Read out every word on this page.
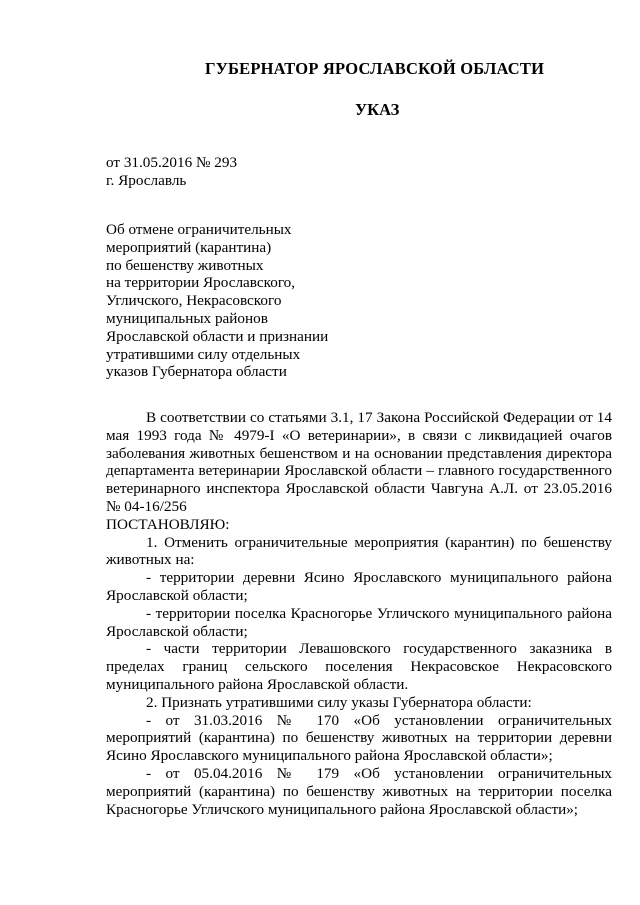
ГУБЕРНАТОР ЯРОСЛАВСКОЙ ОБЛАСТИ
УКАЗ
от 31.05.2016 № 293
г. Ярославль
Об отмене ограничительных
мероприятий (карантина)
по бешенству животных
на территории Ярославского,
Угличского, Некрасовского
муниципальных районов
Ярославской области и признании
утратившими силу отдельных
указов Губернатора области

В соответствии со статьями 3.1, 17 Закона Российской Федерации от 14 мая 1993 года № 4979-I «О ветеринарии», в связи с ликвидацией очагов заболевания животных бешенством и на основании представления директора департамента ветеринарии Ярославской области – главного государственного ветеринарного инспектора Ярославской области Чавгуна А.Л. от 23.05.2016 № 04-16/256

ПОСТАНОВЛЯЮ:

1. Отменить ограничительные мероприятия (карантин) по бешенству животных на:

- территории деревни Ясино Ярославского муниципального района Ярославской области;

- территории поселка Красногорье Угличского муниципального района Ярославской области;

- части территории Левашовского государственного заказника в пределах границ сельского поселения Некрасовское Некрасовского муниципального района Ярославской области.

2. Признать утратившими силу указы Губернатора области:

- от 31.03.2016 № 170 «Об установлении ограничительных мероприятий (карантина) по бешенству животных на территории деревни Ясино Ярославского муниципального района Ярославской области»;

- от 05.04.2016 № 179 «Об установлении ограничительных мероприятий (карантина) по бешенству животных на территории поселка Красногорье Угличского муниципального района Ярославской области»;
